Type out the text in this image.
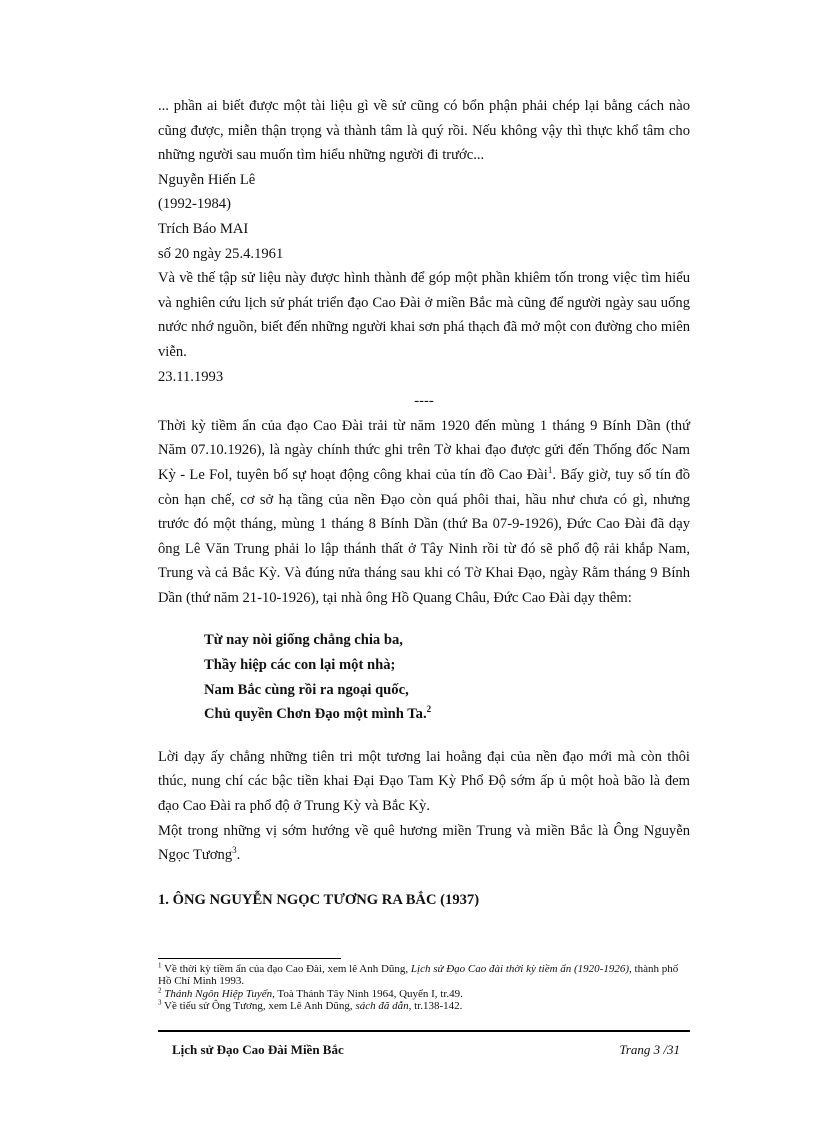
... phần ai biết được một tài liệu gì về sử cũng có bổn phận phải chép lại bằng cách nào cũng được, miễn thận trọng và thành tâm là quý rồi. Nếu không vậy thì thực khổ tâm cho những người sau muốn tìm hiểu những người đi trước...

Nguyễn Hiến Lê

(1992-1984)

Trích Báo MAI

số 20 ngày 25.4.1961

Và về thế tập sử liệu này được hình thành để góp một phần khiêm tốn trong việc tìm hiểu và nghiên cứu lịch sử phát triển đạo Cao Đài ở miền Bắc mà cũng để người ngày sau uống nước nhớ nguồn, biết đến những người khai sơn phá thạch đã mở một con đường cho miên viễn.

23.11.1993

----

Thời kỳ tiềm ẩn của đạo Cao Đài trải từ năm 1920 đến mùng 1 tháng 9 Bính Dần (thứ Năm 07.10.1926), là ngày chính thức ghi trên Tờ khai đạo được gửi đến Thống đốc Nam Kỳ - Le Fol, tuyên bố sự hoạt động công khai của tín đồ Cao Đài$^1$. Bấy giờ, tuy số tín đồ còn hạn chế, cơ sở hạ tầng của nền Đạo còn quá phôi thai, hầu như chưa có gì, nhưng trước đó một tháng, mùng 1 tháng 8 Bính Dần (thứ Ba 07-9-1926), Đức Cao Đài đã dạy ông Lê Văn Trung phải lo lập thánh thất ở Tây Ninh rồi từ đó sẽ phổ độ rải khắp Nam, Trung và cả Bắc Kỳ. Và đúng nửa tháng sau khi có Tờ Khai Đạo, ngày Rằm tháng 9 Bính Dần (thứ năm 21-10-1926), tại nhà ông Hồ Quang Châu, Đức Cao Đài dạy thêm:

Từ nay nòi giống chẳng chia ba,
Thầy hiệp các con lại một nhà;
Nam Bắc cùng rồi ra ngoại quốc,
Chủ quyền Chơn Đạo một mình Ta.$^2$

Lời dạy ấy chẳng những tiên tri một tương lai hoằng đại của nền đạo mới mà còn thôi thúc, nung chí các bậc tiền khai Đại Đạo Tam Kỳ Phổ Độ sớm ấp ủ một hoà bão là đem đạo Cao Đài ra phổ độ ở Trung Kỳ và Bắc Kỳ.

Một trong những vị sớm hướng về quê hương miền Trung và miền Bắc là Ông Nguyễn Ngọc Tương$^3$.

1. ÔNG NGUYỄN NGỌC TƯƠNG RA BẮC (1937)

$^1$ Về thời kỳ tiềm ẩn của đạo Cao Đài, xem lê Anh Dũng, Lịch sử Đạo Cao đài thời kỳ tiềm ẩn (1920-1926), thành phố Hồ Chí Minh 1993.

$^2$ Thánh Ngôn Hiệp Tuyển, Toà Thánh Tây Ninh 1964, Quyển I, tr.49.

$^3$ Về tiểu sử Ông Tương, xem Lê Anh Dũng, sách đã dẫn, tr.138-142.

Lịch sử Đạo Cao Đài Miền Bắc	Trang 3 /31
